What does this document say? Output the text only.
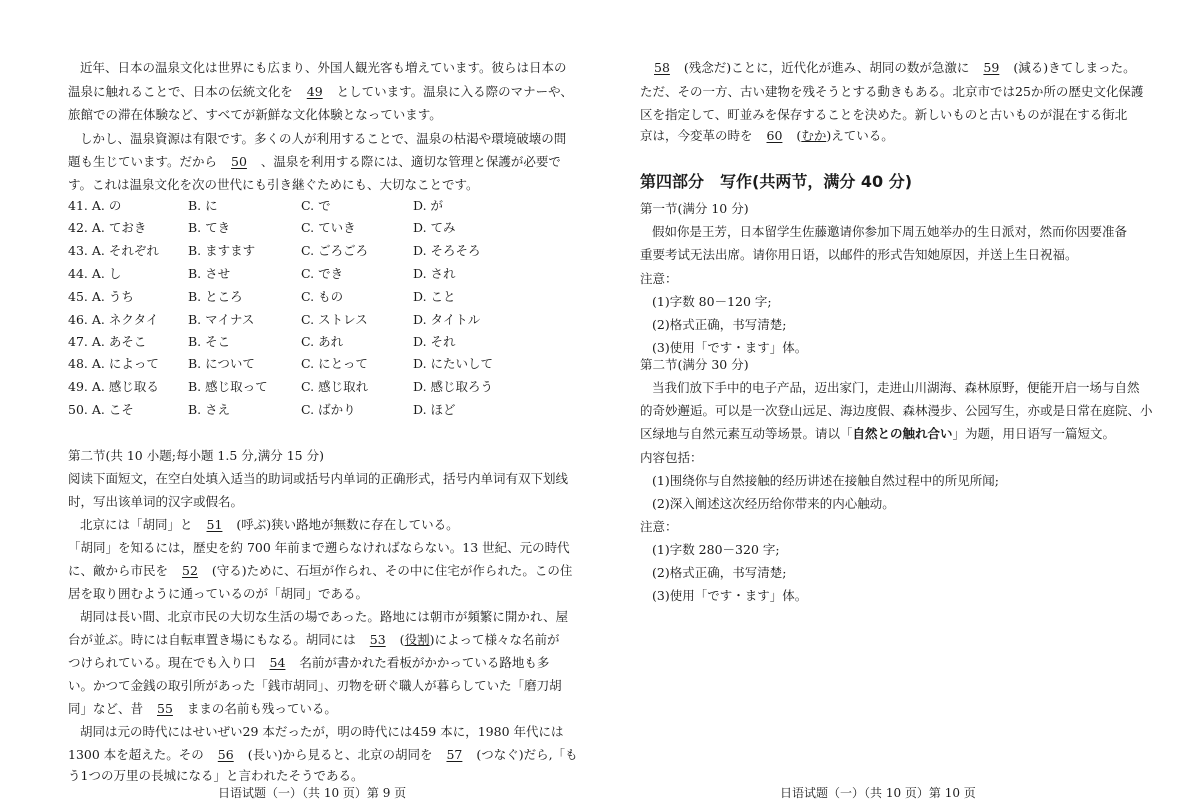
近年、日本の温泉文化は世界にも広まり、外国人観光客も増えています。彼らは日本の
温泉に触れることで、日本の伝統文化を 49 としています。温泉に入る際のマナーや、
旅館での滞在体験など、すべてが新鮮な文化体験となっています。
しかし、温泉資源は有限です。多くの人が利用することで、温泉の枯渇や環境破壊の問
題も生じています。だから 50 、温泉を利用する際には、適切な管理と保護が必要で
す。これは温泉文化を次の世代にも引き継ぐためにも、大切なことです。
41. A. の	B. に	C. で	D. が
42. A. ておき	B. てき	C. ていき	D. てみ
43. A. それぞれ B. ますます	C. ごろごろ	D. そろそろ
44. A. し	B. させ	C. でき	D. され
45. A. うち	B. ところ	C. もの	D. こと
46. A. ネクタイ B. マイナス	C. ストレス	D. タイトル
47. A. あそこ	B. そこ	C. あれ	D. それ
48. A. によって B. について	C. にとって	D. にたいして
49. A. 感じ取る B. 感じ取って	C. 感じ取れ	D. 感じ取ろう
50. A. こそ	B. さえ	C. ばかり	D. ほど
第二节(共 10 小题;每小题 1.5 分,满分 15 分)
阅读下面短文，在空白处填入适当的助词或括号内单词的正确形式，括号内单词有双下划线
时，写出该单词的汉字或假名。
北京には「胡同」と 51 (呼ぶ)狭い路地が無数に存在している。
「胡同」を知るには，歴史を約 700 年前まで遡らなければならない。13 世紀、元の時代
に、敵から市民を 52 (守る)ために、石垣が作られ、その中に住宅が作られた。この住
居を取り囲むように通っているのが「胡同」である。
胡同は長い間、北京市民の大切な生活の場であった。路地には朝市が頻繁に開かれ、屋
台が並ぶ。時には自転車置き場にもなる。胡同には 53 (役割)によって様々な名前が
つけられている。現在でも入り口 54 名前が書かれた看板がかかっている路地も多
い。かつて金銭の取引所があった「銭市胡同」、刃物を研ぐ職人が暮らしていた「磨刀胡
同」など、昔 55 ままの名前も残っている。
胡同は元の時代にはせいぜい29 本だったが，明の時代には459 本に，1980 年代には
1300 本を超えた。その 56 (長い)から見ると、北京の胡同を 57 (つなぐ)だら,「も
う1つの万里の長城になる」と言われたそうである。
日语试题（一）（共 10 页）第 9 页
58 (残念だ)ことに，近代化が進み、胡同の数が急激に 59 (減る)きてしまった。
ただ、その一方、古い建物を残そうとする動きもある。北京市では25か所の歴史文化保護
区を指定して、町並みを保存することを決めた。新しいものと古いものが混在する街北
京は，今変革の時を 60 (むか)えている。
第四部分　写作(共两节，满分 40 分)
第一节(满分 10 分)
假如你是王芳，日本留学生佐藤邀请你参加下周五她举办的生日派对，然而你因要准备
重要考试无法出席。请你用日语，以邮件的形式告知她原因，并送上生日祝福。
注意：
(1)字数 80－120 字;
(2)格式正确，书写清楚;
(3)使用「です・ます」体。
第二节(满分 30 分)
当我们放下手中的电子产品，迈出家门，走进山川湖海、森林原野，便能开启一场与自然
的奇妙邂逅。可以是一次登山远足、海边度假、森林漫步、公园写生，亦或是日常在庭院、小
区绿地与自然元素互动等场景。请以「自然との触れ合い」为题，用日语写一篇短文。
内容包括：
(1)围绕你与自然接触的经历讲述在接触自然过程中的所见所闻;
(2)深入阐述这次经历给你带来的内心触动。
注意：
(1)字数 280－320 字;
(2)格式正确，书写清楚;
(3)使用「です・ます」体。
日语试题（一）（共 10 页）第 10 页
